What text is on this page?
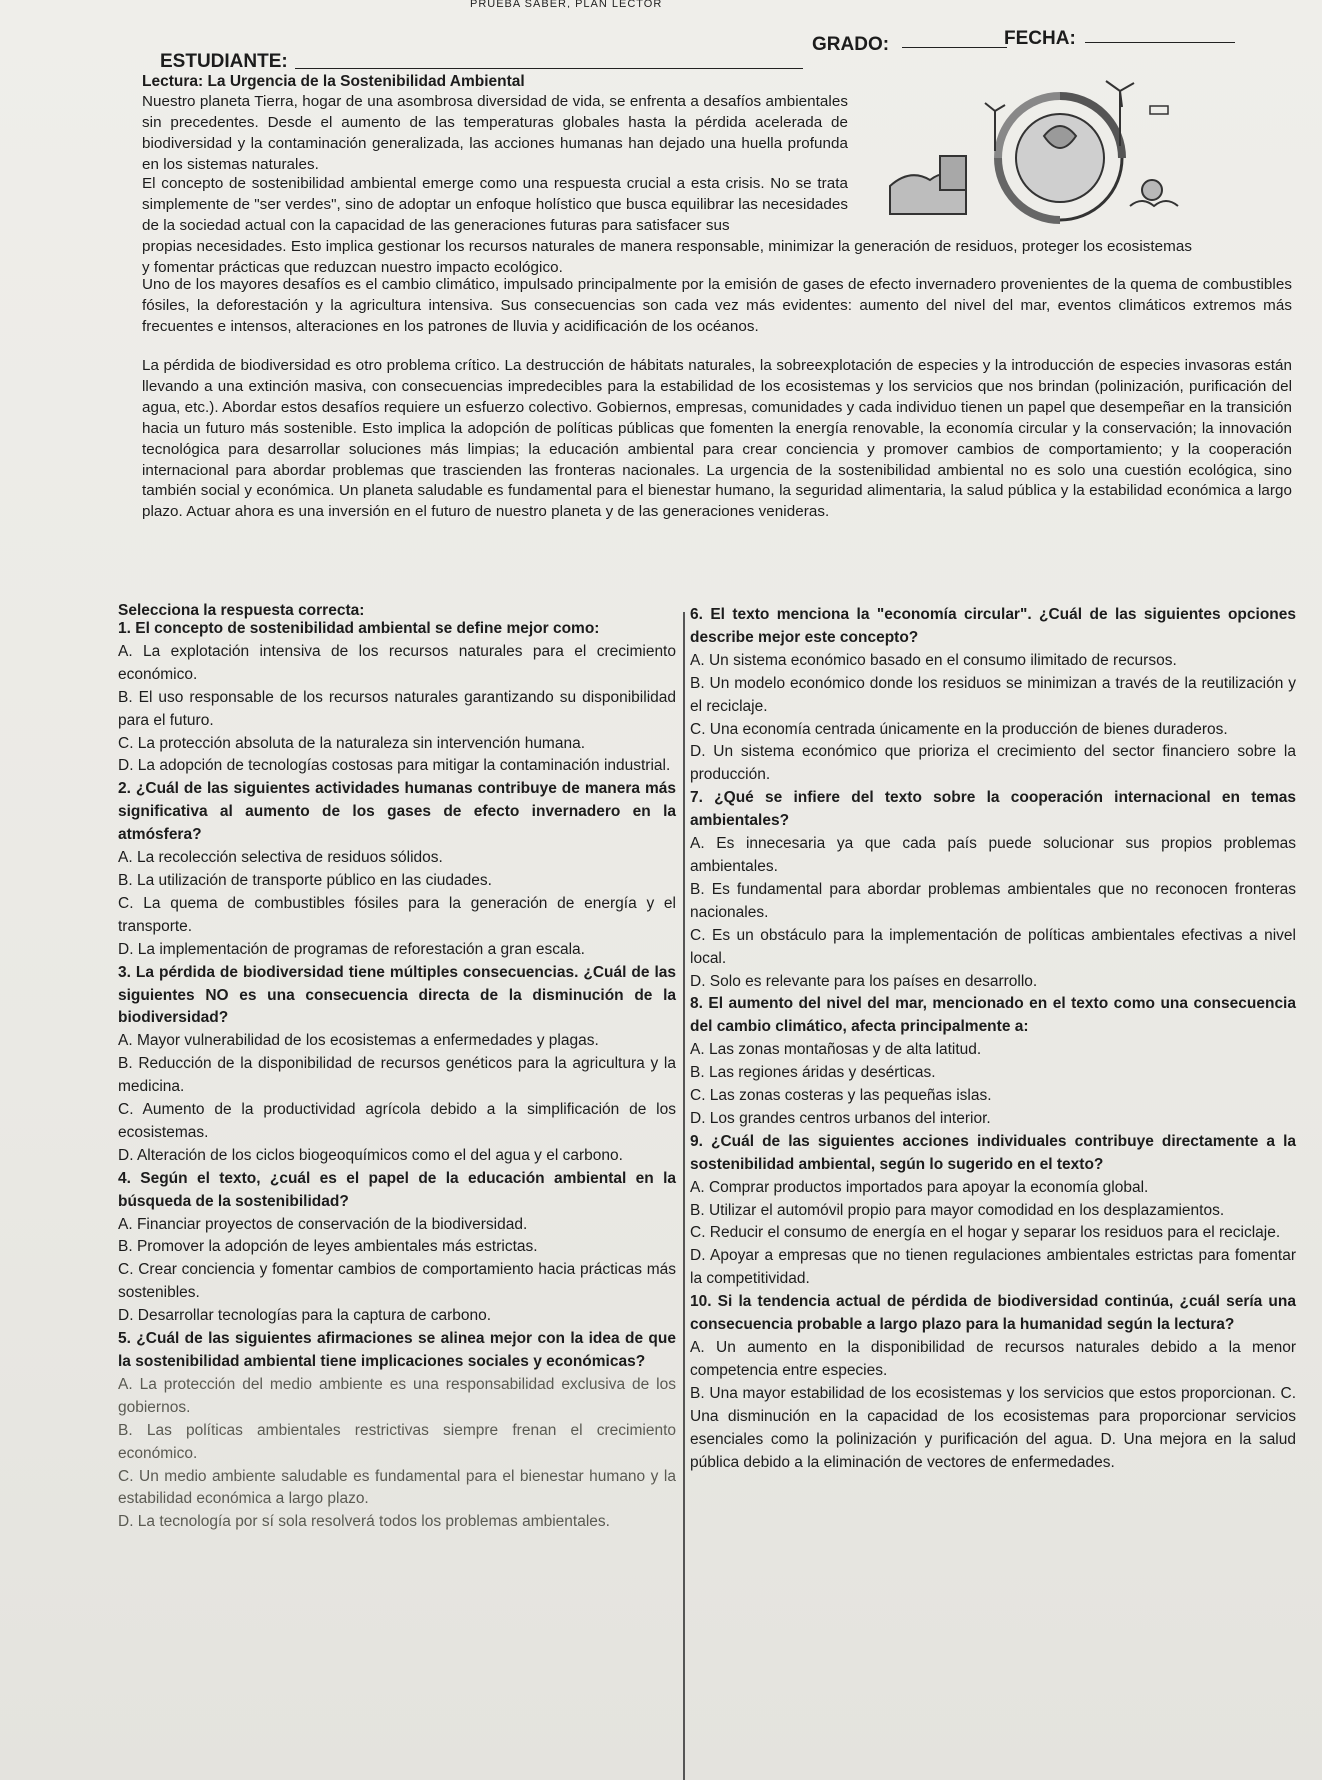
PRUEBA SABER, PLAN LECTOR
ESTUDIANTE:
GRADO:	FECHA:
Lectura: La Urgencia de la Sostenibilidad Ambiental
Nuestro planeta Tierra, hogar de una asombrosa diversidad de vida, se enfrenta a desafíos ambientales sin precedentes. Desde el aumento de las temperaturas globales hasta la pérdida acelerada de biodiversidad y la contaminación generalizada, las acciones humanas han dejado una huella profunda en los sistemas naturales.
El concepto de sostenibilidad ambiental emerge como una respuesta crucial a esta crisis. No se trata simplemente de "ser verdes", sino de adoptar un enfoque holístico que busca equilibrar las necesidades de la sociedad actual con la capacidad de las generaciones futuras para satisfacer sus
propias necesidades. Esto implica gestionar los recursos naturales de manera responsable, minimizar la generación de residuos, proteger los ecosistemas y fomentar prácticas que reduzcan nuestro impacto ecológico.
Uno de los mayores desafíos es el cambio climático, impulsado principalmente por la emisión de gases de efecto invernadero provenientes de la quema de combustibles fósiles, la deforestación y la agricultura intensiva. Sus consecuencias son cada vez más evidentes: aumento del nivel del mar, eventos climáticos extremos más frecuentes e intensos, alteraciones en los patrones de lluvia y acidificación de los océanos.
La pérdida de biodiversidad es otro problema crítico. La destrucción de hábitats naturales, la sobreexplotación de especies y la introducción de especies invasoras están llevando a una extinción masiva, con consecuencias impredecibles para la estabilidad de los ecosistemas y los servicios que nos brindan (polinización, purificación del agua, etc.). Abordar estos desafíos requiere un esfuerzo colectivo. Gobiernos, empresas, comunidades y cada individuo tienen un papel que desempeñar en la transición hacia un futuro más sostenible. Esto implica la adopción de políticas públicas que fomenten la energía renovable, la economía circular y la conservación; la innovación tecnológica para desarrollar soluciones más limpias; la educación ambiental para crear conciencia y promover cambios de comportamiento; y la cooperación internacional para abordar problemas que trascienden las fronteras nacionales. La urgencia de la sostenibilidad ambiental no es solo una cuestión ecológica, sino también social y económica. Un planeta saludable es fundamental para el bienestar humano, la seguridad alimentaria, la salud pública y la estabilidad económica a largo plazo. Actuar ahora es una inversión en el futuro de nuestro planeta y de las generaciones venideras.
Selecciona la respuesta correcta:
1. El concepto de sostenibilidad ambiental se define mejor como:
A. La explotación intensiva de los recursos naturales para el crecimiento económico.
B. El uso responsable de los recursos naturales garantizando su disponibilidad para el futuro.
C. La protección absoluta de la naturaleza sin intervención humana.
D. La adopción de tecnologías costosas para mitigar la contaminación industrial.
2. ¿Cuál de las siguientes actividades humanas contribuye de manera más significativa al aumento de los gases de efecto invernadero en la atmósfera?
A. La recolección selectiva de residuos sólidos.
B. La utilización de transporte público en las ciudades.
C. La quema de combustibles fósiles para la generación de energía y el transporte.
D. La implementación de programas de reforestación a gran escala.
3. La pérdida de biodiversidad tiene múltiples consecuencias. ¿Cuál de las siguientes NO es una consecuencia directa de la disminución de la biodiversidad?
A. Mayor vulnerabilidad de los ecosistemas a enfermedades y plagas.
B. Reducción de la disponibilidad de recursos genéticos para la agricultura y la medicina.
C. Aumento de la productividad agrícola debido a la simplificación de los ecosistemas.
D. Alteración de los ciclos biogeoquímicos como el del agua y el carbono.
4. Según el texto, ¿cuál es el papel de la educación ambiental en la búsqueda de la sostenibilidad?
A. Financiar proyectos de conservación de la biodiversidad.
B. Promover la adopción de leyes ambientales más estrictas.
C. Crear conciencia y fomentar cambios de comportamiento hacia prácticas más sostenibles.
D. Desarrollar tecnologías para la captura de carbono.
5. ¿Cuál de las siguientes afirmaciones se alinea mejor con la idea de que la sostenibilidad ambiental tiene implicaciones sociales y económicas?
A. La protección del medio ambiente es una responsabilidad exclusiva de los gobiernos.
B. Las políticas ambientales restrictivas siempre frenan el crecimiento económico.
C. Un medio ambiente saludable es fundamental para el bienestar humano y la estabilidad económica a largo plazo.
D. La tecnología por sí sola resolverá todos los problemas ambientales.
6. El texto menciona la "economía circular". ¿Cuál de las siguientes opciones describe mejor este concepto?
A. Un sistema económico basado en el consumo ilimitado de recursos.
B. Un modelo económico donde los residuos se minimizan a través de la reutilización y el reciclaje.
C. Una economía centrada únicamente en la producción de bienes duraderos.
D. Un sistema económico que prioriza el crecimiento del sector financiero sobre la producción.
7. ¿Qué se infiere del texto sobre la cooperación internacional en temas ambientales?
A. Es innecesaria ya que cada país puede solucionar sus propios problemas ambientales.
B. Es fundamental para abordar problemas ambientales que no reconocen fronteras nacionales.
C. Es un obstáculo para la implementación de políticas ambientales efectivas a nivel local.
D. Solo es relevante para los países en desarrollo.
8. El aumento del nivel del mar, mencionado en el texto como una consecuencia del cambio climático, afecta principalmente a:
A. Las zonas montañosas y de alta latitud.
B. Las regiones áridas y desérticas.
C. Las zonas costeras y las pequeñas islas.
D. Los grandes centros urbanos del interior.
9. ¿Cuál de las siguientes acciones individuales contribuye directamente a la sostenibilidad ambiental, según lo sugerido en el texto?
A. Comprar productos importados para apoyar la economía global.
B. Utilizar el automóvil propio para mayor comodidad en los desplazamientos.
C. Reducir el consumo de energía en el hogar y separar los residuos para el reciclaje.
D. Apoyar a empresas que no tienen regulaciones ambientales estrictas para fomentar la competitividad.
10. Si la tendencia actual de pérdida de biodiversidad continúa, ¿cuál sería una consecuencia probable a largo plazo para la humanidad según la lectura?
A. Un aumento en la disponibilidad de recursos naturales debido a la menor competencia entre especies.
B. Una mayor estabilidad de los ecosistemas y los servicios que estos proporcionan. C. Una disminución en la capacidad de los ecosistemas para proporcionar servicios esenciales como la polinización y purificación del agua. D. Una mejora en la salud pública debido a la eliminación de vectores de enfermedades.
